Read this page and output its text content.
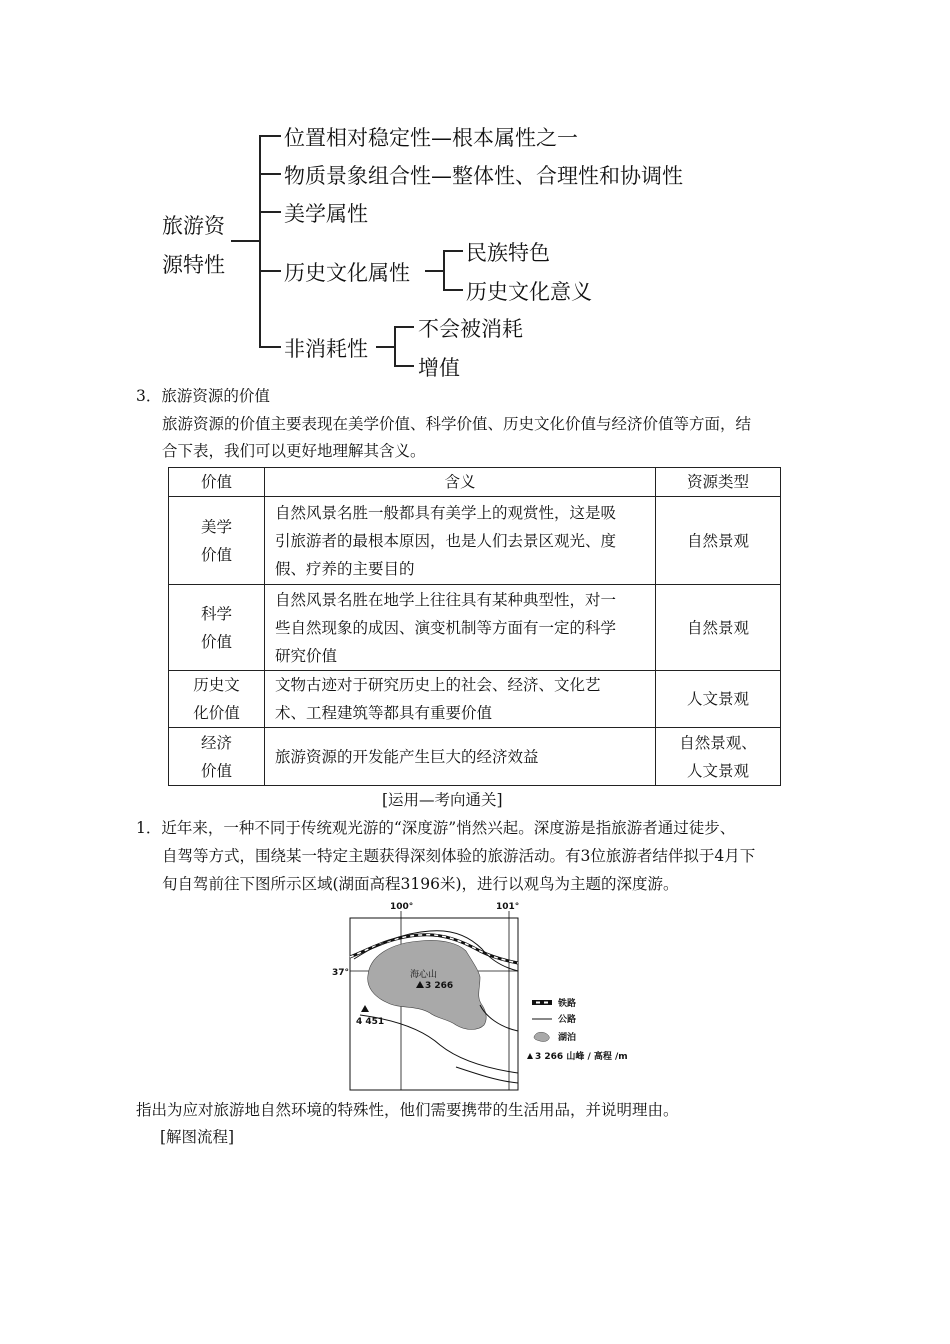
旅游资
源特性
位置相对稳定性—根本属性之一
物质景象组合性—整体性、合理性和协调性
美学属性
历史文化属性
非消耗性
民族特色
历史文化意义
不会被消耗
增值
3．旅游资源的价值
旅游资源的价值主要表现在美学价值、科学价值、历史文化价值与经济价值等方面，结
合下表，我们可以更好地理解其含义。
价值	含义	资源类型
美学
价值	自然风景名胜一般都具有美学上的观赏性，这是吸
引旅游者的最根本原因，也是人们去景区观光、度
假、疗养的主要目的	自然景观
科学
价值	自然风景名胜在地学上往往具有某种典型性，对一
些自然现象的成因、演变机制等方面有一定的科学
研究价值	自然景观
历史文
化价值	文物古迹对于研究历史上的社会、经济、文化艺
术、工程建筑等都具有重要价值	人文景观
经济
价值	旅游资源的开发能产生巨大的经济效益	自然景观、
人文景观
[运用—考向通关]
1．近年来，一种不同于传统观光游的“深度游”悄然兴起。深度游是指旅游者通过徒步、
自驾等方式，围绕某一特定主题获得深刻体验的旅游活动。有3位旅游者结伴拟于4月下
旬自驾前往下图所示区域(湖面高程3196米)，进行以观鸟为主题的深度游。
100°	101°
37°	海心山
3 266
4 451
铁路
公路
湖泊
3 266 山峰 / 高程 /m
指出为应对旅游地自然环境的特殊性，他们需要携带的生活用品，并说明理由。
[解图流程]
